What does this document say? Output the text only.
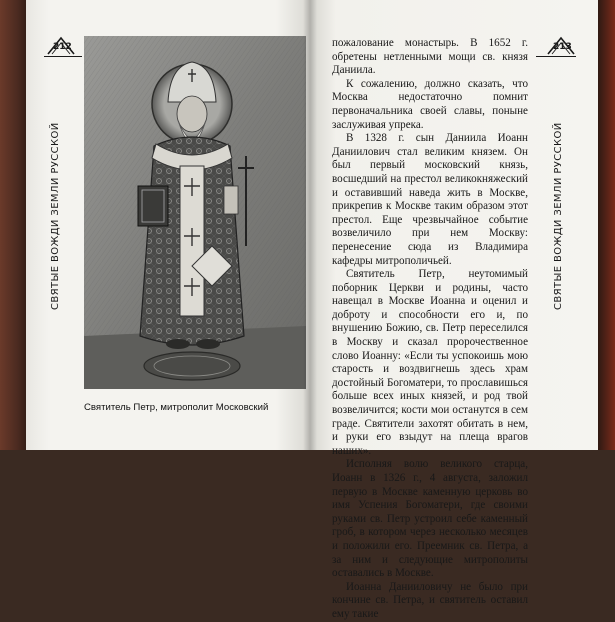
212
СВЯТЫЕ ВОЖДИ ЗЕМЛИ РУССКОЙ
Святитель Петр, митрополит Московский
213
СВЯТЫЕ ВОЖДИ ЗЕМЛИ РУССКОЙ

пожалование монастырь. В 1652 г. обретены нетленными мощи св. князя Даниила.

К сожалению, должно сказать, что Москва недостаточно помнит первоначальника своей славы, поныне заслуживая упрека.

В 1328 г. сын Даниила Иоанн Даниилович стал великим князем. Он был первый московский князь, восшедший на престол великокняжеский и оставивший наведа жить в Москве, прикрепив к Москве таким образом этот престол. Еще чрезвычайное событие возвеличило при нем Москву: перенесение сюда из Владимира кафедры митрополичьей.

Святитель Петр, неутомимый поборник Церкви и родины, часто навещал в Москве Иоанна и оценил и доброту и способности его и, по внушению Божию, св. Петр переселился в Москву и сказал пророчественное слово Иоанну: «Если ты успокоишь мою старость и воздвигнешь здесь храм достойный Богоматери, то прославишься больше всех иных князей, и род твой возвеличится; кости мои останутся в сем граде. Святители захотят обитать в нем, и руки его взыдут на плеща врагов наших».

Исполняя волю великого старца, Иоанн в 1326 г., 4 августа, заложил первую в Москве каменную церковь во имя Успения Богоматери, где своими руками св. Петр устроил себе каменный гроб, в котором через несколько месяцев и положили его. Преемник св. Петра, а за ним и следующие митрополиты оставались в Москве.

Иоанна Данииловичу не было при кончине св. Петра, и святитель оставил ему такие
